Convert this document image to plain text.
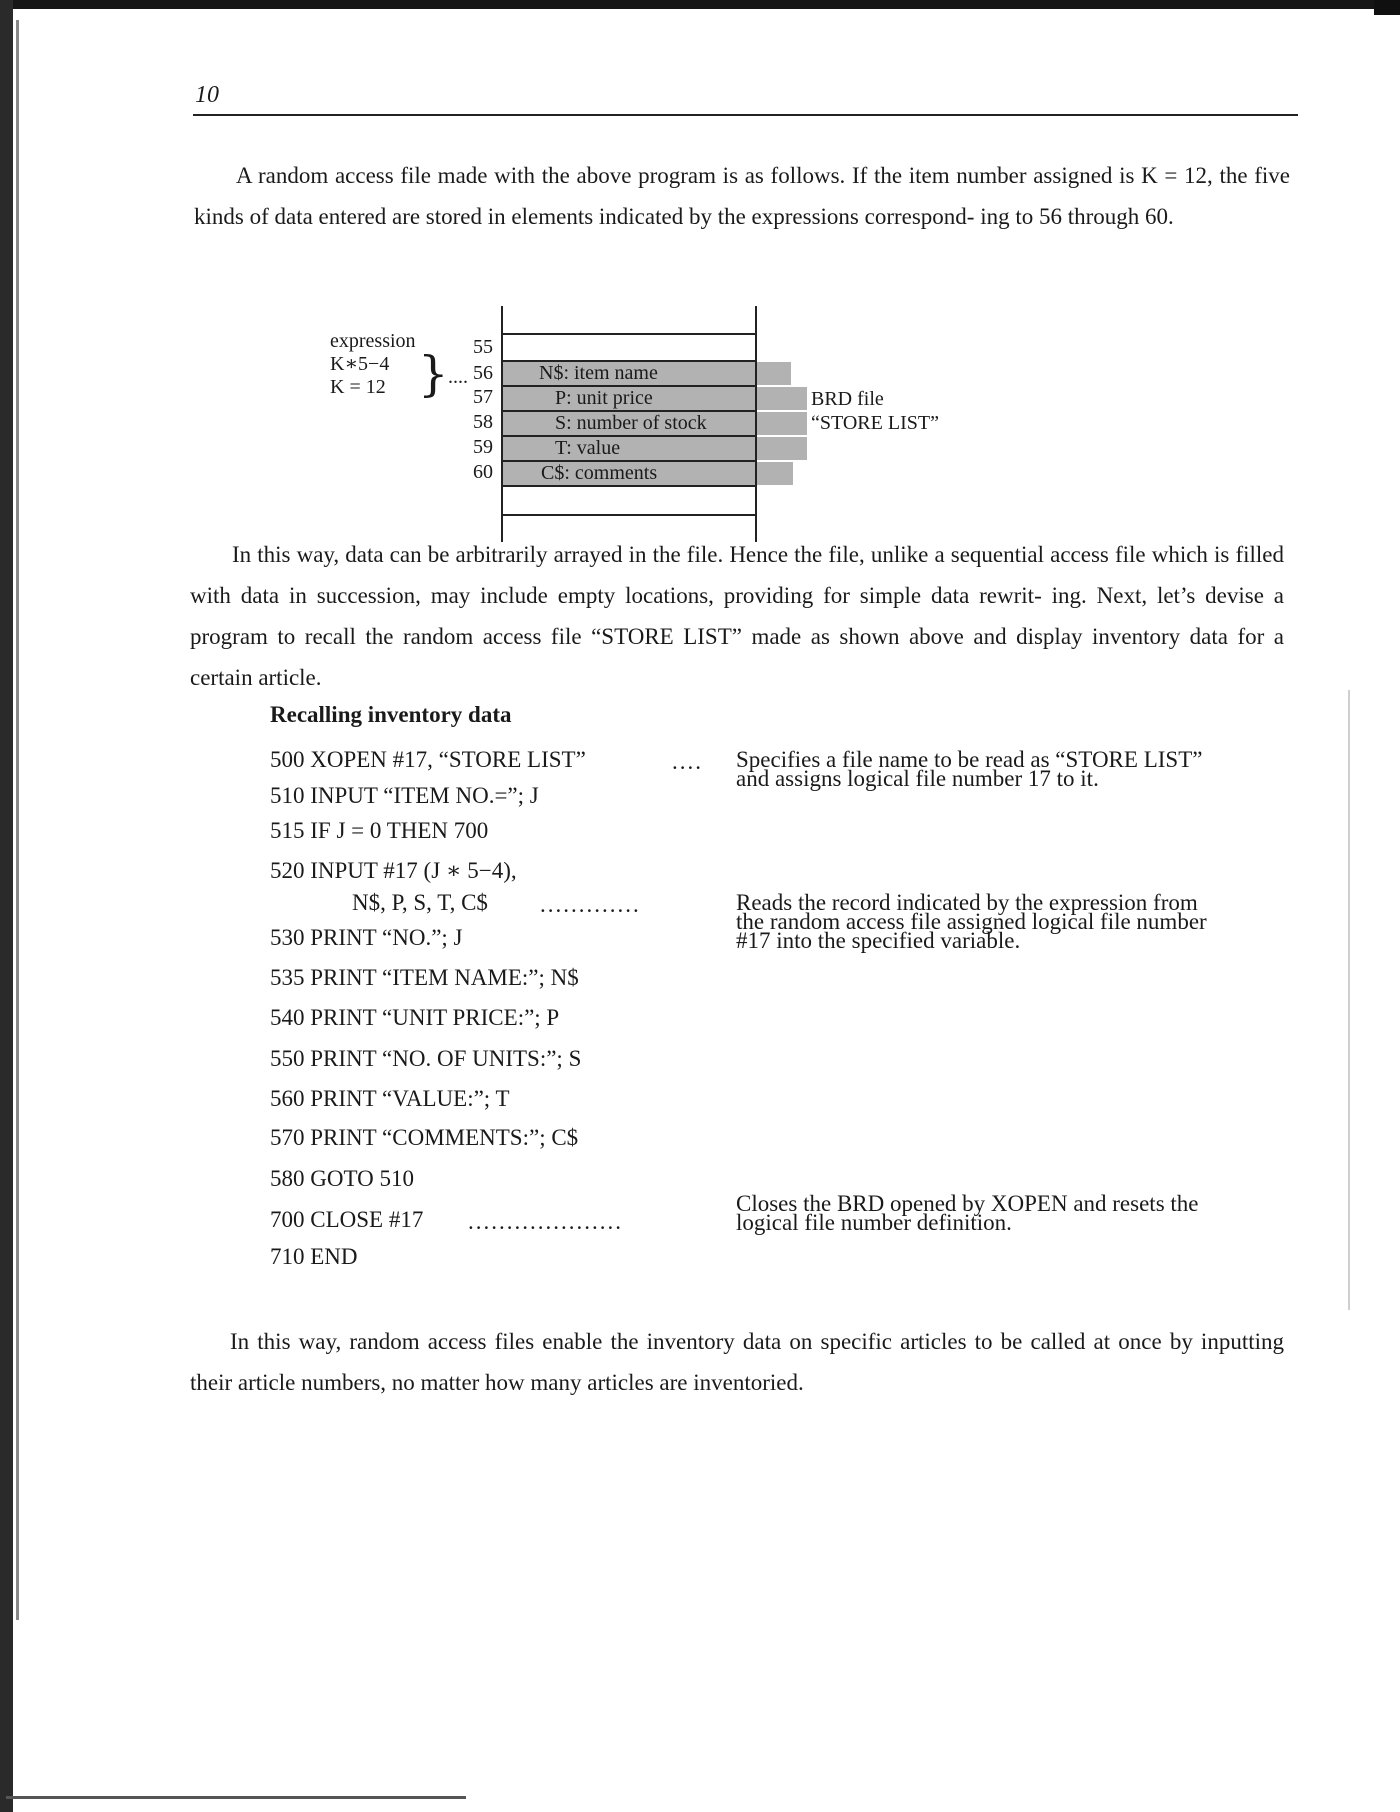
10

A random access file made with the above program is as follows. If the item number assigned is K = 12, the five kinds of data entered are stored in elements indicated by the expressions correspond- ing to 56 through 60.

expression
K∗5−4
K = 12 } ....
55
56
57
58
59
60
N$: item name
P: unit price
S: number of stock
T: value
C$: comments
BRD file
“STORE LIST”

In this way, data can be arbitrarily arrayed in the file. Hence the file, unlike a sequential access file which is filled with data in succession, may include empty locations, providing for simple data rewrit- ing. Next, let’s devise a program to recall the random access file “STORE LIST” made as shown above and display inventory data for a certain article.

Recalling inventory data
500 XOPEN #17, “STORE LIST”
510 INPUT “ITEM NO.=”; J
515 IF J = 0 THEN 700
520 INPUT #17 (J ∗ 5−4),
N$, P, S, T, C$
530 PRINT “NO.”; J
535 PRINT “ITEM NAME:”; N$
540 PRINT “UNIT PRICE:”; P
550 PRINT “NO. OF UNITS:”; S
560 PRINT “VALUE:”; T
570 PRINT “COMMENTS:”; C$
580 GOTO 510
700 CLOSE #17
710 END
....
.............
....................

Specifies a file name to be read as “STORE LIST”
and assigns logical file number 17 to it.

Reads the record indicated by the expression from
the random access file assigned logical file number
#17 into the specified variable.

Closes the BRD opened by XOPEN and resets the
logical file number definition.

In this way, random access files enable the inventory data on specific articles to be called at once by inputting their article numbers, no matter how many articles are inventoried.
